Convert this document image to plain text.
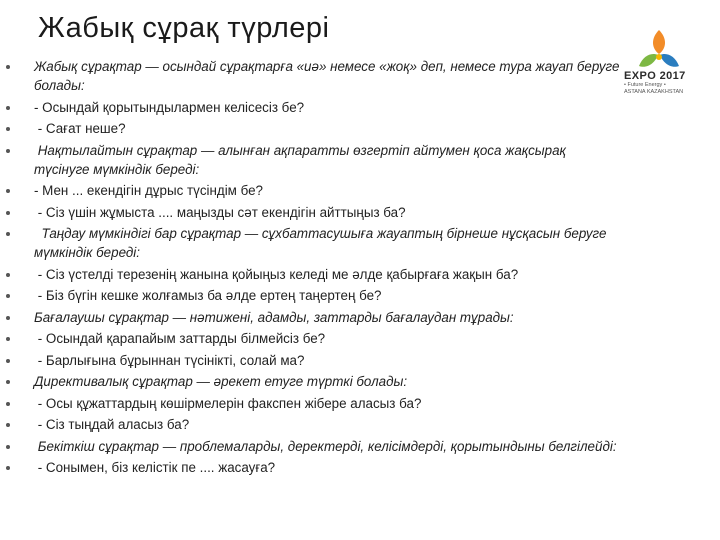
Жабық сұрақ түрлері
EXPO 2017
• Future Energy •
ASTANA KAZAKHSTAN
Жабық сұрақтар — осындай сұрақтарға «иә» немесе «жоқ» деп, немесе тура жауап беруге болады:
- Осындай қорытындылармен келісесіз бе?
- Сағат неше?
Нақтылайтын сұрақтар — алынған ақпаратты өзгертіп айтумен қоса жақсырақ түсінуге мүмкіндік береді:
- Мен ... екендігін дұрыс түсіндім бе?
- Сіз үшін жұмыста .... маңызды сәт екендігін айттыңыз ба?
Таңдау мүмкіндігі бар сұрақтар — сұхбаттасушыға жауаптың бірнеше нұсқасын беруге мүмкіндік береді:
- Сіз үстелді терезенің жанына қойыңыз келеді ме әлде қабырғаға жақын ба?
- Біз бүгін кешке жолғамыз ба әлде ертең таңертең бе?
Бағалаушы сұрақтар — нәтижені, адамды, заттарды бағалаудан тұрады:
- Осындай қарапайым заттарды білмейсіз бе?
- Барлығына бұрыннан түсінікті, солай ма?
Директивалық сұрақтар — әрекет етуге түрткі болады:
- Осы құжаттардың көшірмелерін факспен жібере аласыз ба?
- Сіз тыңдай аласыз ба?
Бекіткіш сұрақтар — проблемаларды, деректерді, келісімдерді, қорытындыны белгілейді:
- Сонымен, біз келістік пе .... жасауға?
